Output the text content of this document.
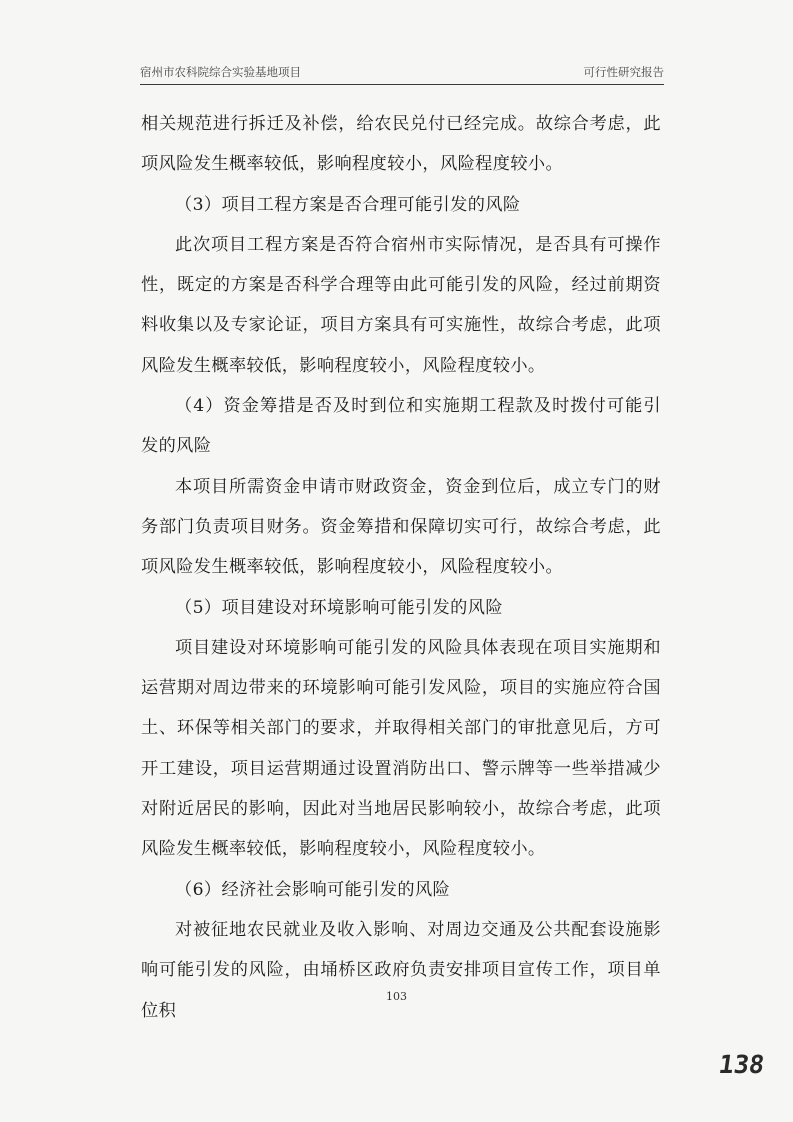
宿州市农科院综合实验基地项目	可行性研究报告

相关规范进行拆迁及补偿，给农民兑付已经完成。故综合考虑，此项风险发生概率较低，影响程度较小，风险程度较小。

（3）项目工程方案是否合理可能引发的风险

此次项目工程方案是否符合宿州市实际情况，是否具有可操作性，既定的方案是否科学合理等由此可能引发的风险，经过前期资料收集以及专家论证，项目方案具有可实施性，故综合考虑，此项风险发生概率较低，影响程度较小，风险程度较小。

（4）资金筹措是否及时到位和实施期工程款及时拨付可能引发的风险

本项目所需资金申请市财政资金，资金到位后，成立专门的财务部门负责项目财务。资金筹措和保障切实可行，故综合考虑，此项风险发生概率较低，影响程度较小，风险程度较小。

（5）项目建设对环境影响可能引发的风险

项目建设对环境影响可能引发的风险具体表现在项目实施期和运营期对周边带来的环境影响可能引发风险，项目的实施应符合国土、环保等相关部门的要求，并取得相关部门的审批意见后，方可开工建设，项目运营期通过设置消防出口、警示牌等一些举措减少对附近居民的影响，因此对当地居民影响较小，故综合考虑，此项风险发生概率较低，影响程度较小，风险程度较小。

（6）经济社会影响可能引发的风险

对被征地农民就业及收入影响、对周边交通及公共配套设施影响可能引发的风险，由埇桥区政府负责安排项目宣传工作，项目单位积

103
138
